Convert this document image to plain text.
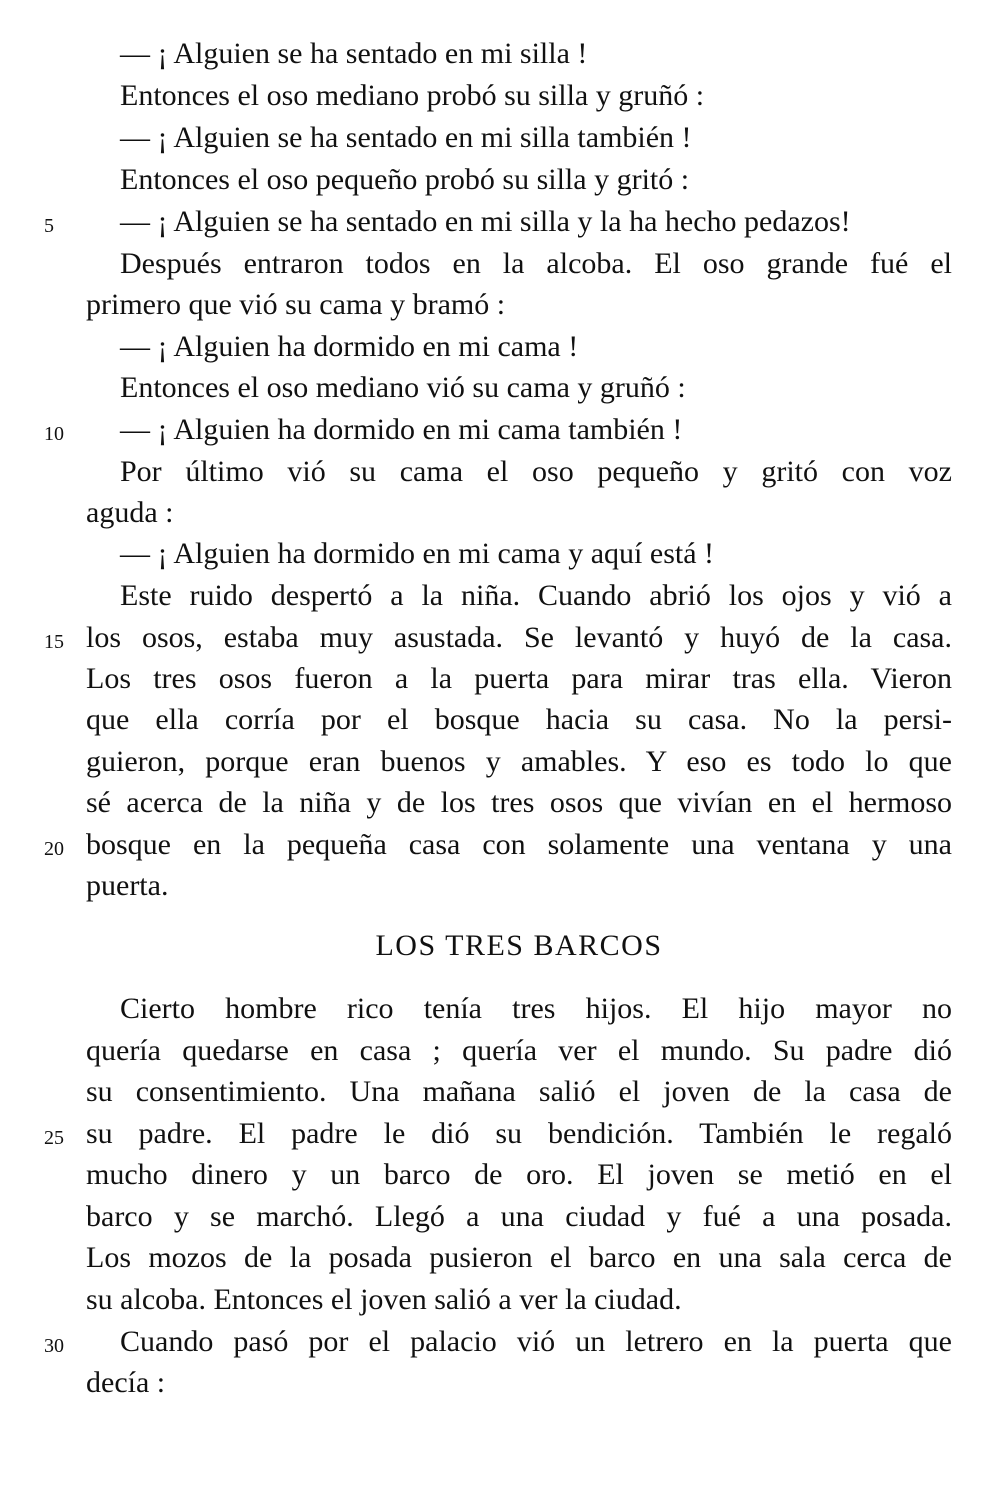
— ¡ Alguien se ha sentado en mi silla !
Entonces el oso mediano probó su silla y gruñó :
— ¡ Alguien se ha sentado en mi silla también !
Entonces el oso pequeño probó su silla y gritó :
5	— ¡ Alguien se ha sentado en mi silla y la ha hecho pedazos!
Después entraron todos en la alcoba. El oso grande fué el
primero que vió su cama y bramó :
— ¡ Alguien ha dormido en mi cama !
Entonces el oso mediano vió su cama y gruñó :
10	— ¡ Alguien ha dormido en mi cama también !
Por último vió su cama el oso pequeño y gritó con voz
aguda :
— ¡ Alguien ha dormido en mi cama y aquí está !
Este ruido despertó a la niña. Cuando abrió los ojos y vió a
15 los osos, estaba muy asustada. Se levantó y huyó de la casa.
Los tres osos fueron a la puerta para mirar tras ella. Vieron
que ella corría por el bosque hacia su casa. No la persi-
guieron, porque eran buenos y amables. Y eso es todo lo que
sé acerca de la niña y de los tres osos que vivían en el hermoso
20 bosque en la pequeña casa con solamente una ventana y una
puerta.
LOS TRES BARCOS
Cierto hombre rico tenía tres hijos. El hijo mayor no
quería quedarse en casa ; quería ver el mundo. Su padre dió
su consentimiento. Una mañana salió el joven de la casa de
25 su padre. El padre le dió su bendición. También le regaló
mucho dinero y un barco de oro. El joven se metió en el
barco y se marchó. Llegó a una ciudad y fué a una posada.
Los mozos de la posada pusieron el barco en una sala cerca de
su alcoba. Entonces el joven salió a ver la ciudad.
30	Cuando pasó por el palacio vió un letrero en la puerta que
decía :
